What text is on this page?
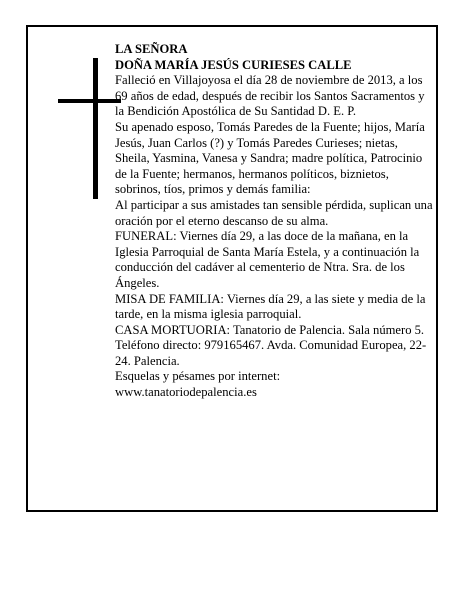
LA SEÑORA

DOÑA MARÍA JESÚS CURIESES CALLE

Falleció en Villajoyosa el día 28 de noviembre de 2013, a los 69 años de edad, después de recibir los Santos Sacramentos y la Bendición Apostólica de Su Santidad D. E. P.

Su apenado esposo, Tomás Paredes de la Fuente; hijos, María Jesús, Juan Carlos (?) y Tomás Paredes Curieses; nietas, Sheila, Yasmina, Vanesa y Sandra; madre política, Patrocinio de la Fuente; hermanos, hermanos políticos, biznietos, sobrinos, tíos, primos y demás familia:

Al participar a sus amistades tan sensible pérdida, suplican una oración por el eterno descanso de su alma.

FUNERAL: Viernes día 29, a las doce de la mañana, en la Iglesia Parroquial de Santa María Estela, y a continuación la conducción del cadáver al cementerio de Ntra. Sra. de los Ángeles.

MISA DE FAMILIA: Viernes día 29, a las siete y media de la tarde, en la misma iglesia parroquial.

CASA MORTUORIA: Tanatorio de Palencia. Sala número 5. Teléfono directo: 979165467. Avda. Comunidad Europea, 22-24. Palencia.

Esquelas y pésames por internet:

www.tanatoriodepalencia.es
